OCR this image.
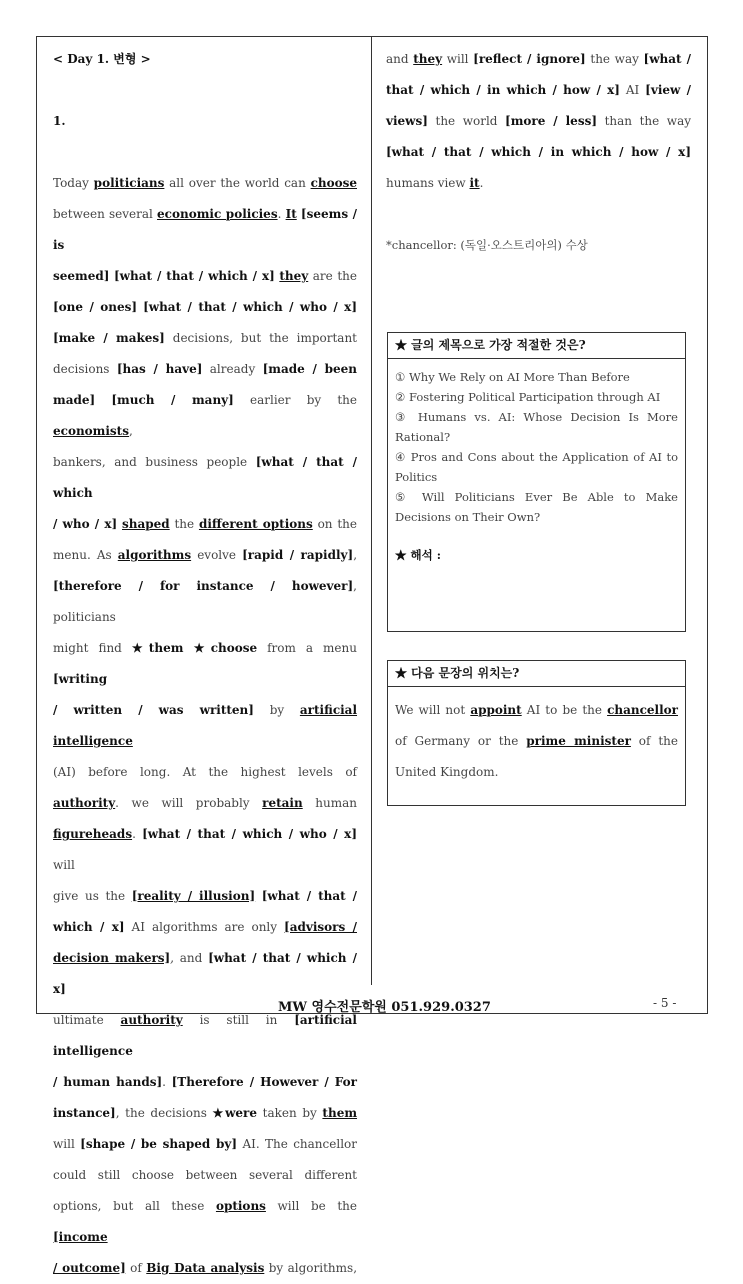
< Day 1. 변형 >
1.
Today politicians all over the world can choose
between several economic policies. It [seems / is
seemed] [what / that / which / x] they are the
[one / ones] [what / that / which / who / x]
[make / makes] decisions, but the important
decisions [has / have] already [made / been
made] [much / many] earlier by the economists,
bankers, and business people [what / that / which
/ who / x] shaped the different options on the
menu. As algorithms evolve [rapid / rapidly],
[therefore / for instance / however], politicians
might find ★them ★choose from a menu [writing
/ written / was written] by artificial intelligence
(AI) before long. At the highest levels of
authority. we will probably retain human
figureheads. [what / that / which / who / x] will
give us the [reality / illusion] [what / that /
which / x] AI algorithms are only [advisors /
decision makers], and [what / that / which / x]
ultimate authority is still in [artificial intelligence
/ human hands]. [Therefore / However / For
instance], the decisions ★were taken by them
will [shape / be shaped by] AI. The chancellor
could still choose between several different
options, but all these options will be the [income
/ outcome] of Big Data analysis by algorithms,
and they will [reflect / ignore] the way [what /
that / which / in which / how / x] AI [view /
views] the world [more / less] than the way
[what / that / which / in which / how / x]
humans view it.
*chancellor: (독일·오스트리아의) 수상
★ 글의 제목으로 가장 적절한 것은?
① Why We Rely on AI More Than Before
② Fostering Political Participation through AI
③ Humans vs. AI: Whose Decision Is More Rational?
④ Pros and Cons about the Application of AI to Politics
⑤ Will Politicians Ever Be Able to Make Decisions on Their Own?
★ 해석 :
★ 다음 문장의 위치는?
We will not appoint AI to be the chancellor of Germany or the prime minister of the United Kingdom.
MW 영수전문학원 051.929.0327	- 5 -
